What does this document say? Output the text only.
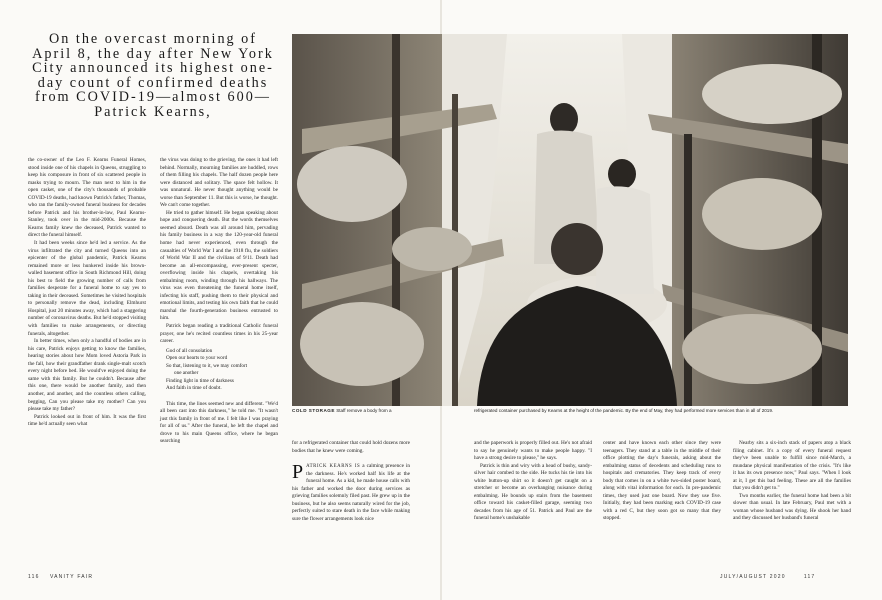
On the overcast morning of April 8, the day after New York City announced its highest one-day count of confirmed deaths from COVID-19—almost 600— Patrick Kearns,

the co-owner of the Leo F. Kearns Funeral Homes, stood inside one of his chapels in Queens, struggling to keep his composure in front of six scattered people in masks trying to mourn. The man next to him in the open casket, one of the city's thousands of probable COVID-19 deaths, had known Patrick's father, Thomas, who ran the family-owned funeral business for decades before Patrick and his brother-in-law, Paul Kearns-Stanley, took over in the mid-2000s. Because the Kearns family knew the deceased, Patrick wanted to direct the funeral himself.

It had been weeks since he'd led a service. As the virus infiltrated the city and turned Queens into an epicenter of the global pandemic, Patrick Kearns remained more or less hunkered inside his brown-walled basement office in South Richmond Hill, doing his best to field the growing number of calls from families desperate for a funeral home to say yes to taking in their deceased. Sometimes he visited hospitals to personally remove the dead, including Elmhurst Hospital, just 20 minutes away, which had a staggering number of coronavirus deaths. But he'd stopped visiting with families to make arrangements, or directing funerals, altogether.

In better times, when only a handful of bodies are in his care, Patrick enjoys getting to know the families, hearing stories about how Mom loved Astoria Park in the fall, how their grandfather drank single-malt scotch every night before bed. He would've enjoyed doing the same with this family. But he couldn't. Because after this one, there would be another family, and then another, and another, and the countless others calling, begging, Can you please take my mother? Can you please take my father?

Patrick looked out in front of him. It was the first time he'd actually seen what

the virus was doing to the grieving, the ones it had left behind. Normally, mourning families are huddled, rows of them filling his chapels. The half dozen people here were distanced and solitary. The space felt hollow. It was unnatural. He never thought anything would be worse than September 11. But this is worse, he thought. We can't come together.

He tried to gather himself. He began speaking about hope and conquering death. But the words themselves seemed absurd. Death was all around him, pervading his family business in a way the 120-year-old funeral home had never experienced, even through the casualties of World War I and the 1918 flu, the soldiers of World War II and the civilians of 9/11. Death had become an all-encompassing, ever-present specter, overflowing inside his chapels, overtaking his embalming room, winding through his hallways. The virus was even threatening the funeral home itself, infecting his staff, pushing them to their physical and emotional limits, and testing his own faith that he could marshal the fourth-generation business entrusted to him.

Patrick began reading a traditional Catholic funeral prayer, one he's recited countless times in his 25-year career.

God of all consolation
Open our hearts to your word
So that, listening to it, we may comfort
one another
Finding light in time of darkness
And faith in time of doubt.

This time, the lines seemed new and different. "We'd all been cast into this darkness," he told me. "It wasn't just this family in front of me. I felt like I was praying for all of us." After the funeral, he left the chapel and drove to his main Queens office, where he began searching	for a refrigerated container that could hold dozens more bodies that he knew were coming.

PATRICK KEARNS IS a calming presence in the darkness. He's worked half his life at the funeral home. As a kid, he made house calls with his father and worked the door during services as grieving families solemnly filed past. He grew up in the business, but he also seems naturally wired for the job, perfectly suited to stare death in the face while making sure the flower arrangements look nice

and the paperwork is properly filled out. He's not afraid to say he genuinely wants to make people happy. "I have a strong desire to please," he says.

Patrick is thin and wiry with a head of bushy, sandy-silver hair combed to the side. He tucks his tie into his white button-up shirt so it doesn't get caught on a stretcher or become an overhanging nuisance during embalming. He bounds up stairs from the basement office toward his casket-filled garage, seeming two decades from his age of 51. Patrick and Paul are the funeral home's unshakable

center and have known each other since they were teenagers. They stand at a table in the middle of their office plotting the day's funerals, asking about the embalming status of decedents and scheduling runs to hospitals and crematories. They keep track of every body that comes in on a white two-sided poster board, along with vital information for each. In pre-pandemic times, they used just one board. Now they use five. Initially, they had been marking each COVID-19 case with a red C, but they soon got so many that they stopped.

Nearby sits a six-inch stack of papers atop a black filing cabinet. It's a copy of every funeral request they've been unable to fulfill since mid-March, a mundane physical manifestation of the crisis. "It's like it has its own presence now," Paul says. "When I look at it, I get this bad feeling. These are all the families that you didn't get to."

Two months earlier, the funeral home had been a bit slower than usual. In late February, Paul met with a woman whose husband was dying. He shook her hand and they discussed her husband's funeral

COLD STORAGE Staff remove a body from a	refrigerated container purchased by Kearns at the height of the pandemic. By the end of May, they had performed more services than in all of 2019.
116 VANITY FAIR	JULY/AUGUST 2020	117
